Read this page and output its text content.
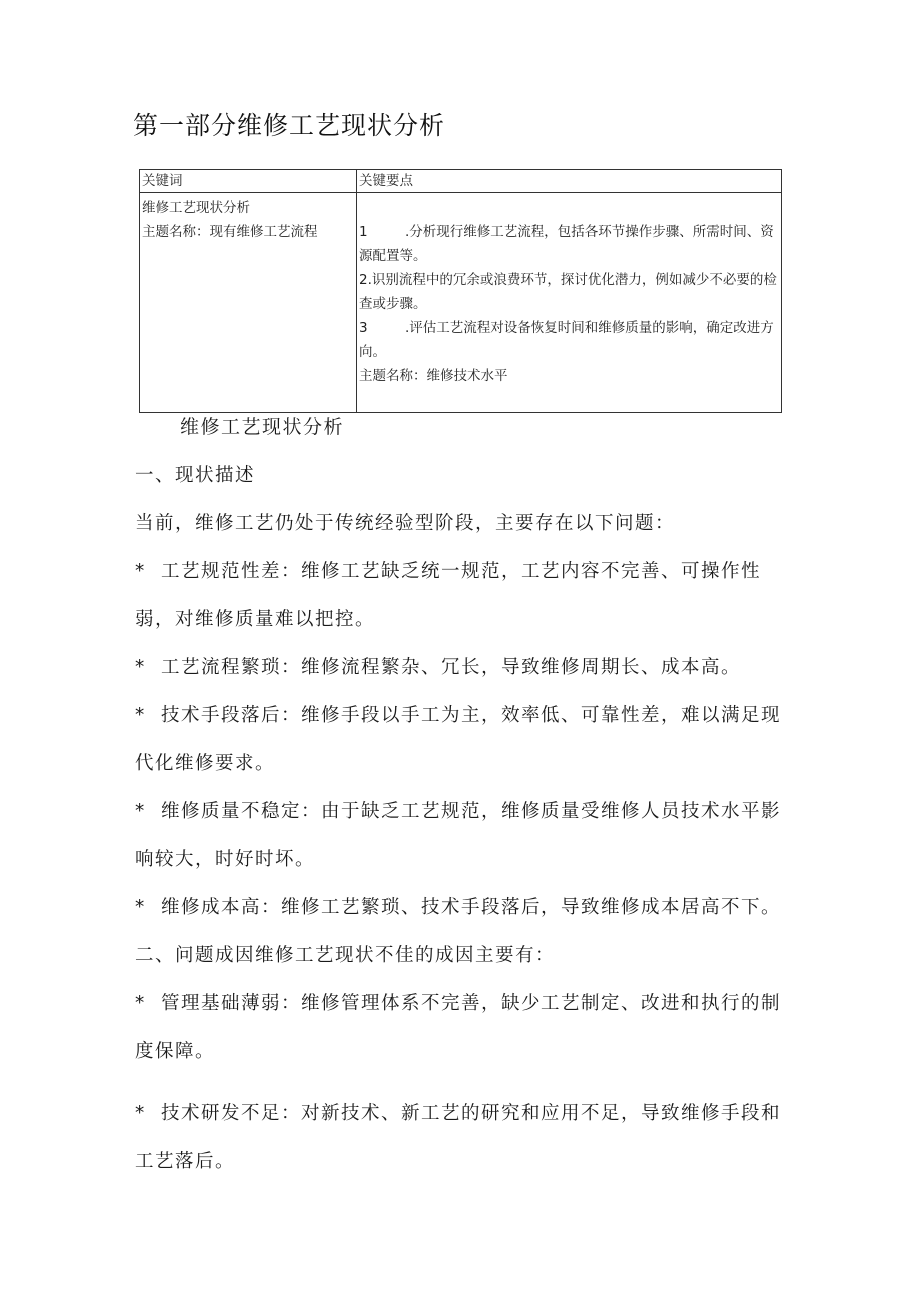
第一部分维修工艺现状分析
关键词	关键要点

维修工艺现状分析
主题名称：现有维修工艺流程	1 .分析现行维修工艺流程，包括各环节操作步骤、所需时间、资源配置等。
2.识别流程中的冗余或浪费环节，探讨优化潜力，例如减少不必要的检查或步骤。
3 .评估工艺流程对设备恢复时间和维修质量的影响，确定改进方向。
主题名称：维修技术水平
维修工艺现状分析

一、现状描述

当前，维修工艺仍处于传统经验型阶段，主要存在以下问题：

* 工艺规范性差：维修工艺缺乏统一规范，工艺内容不完善、可操作性弱，对维修质量难以把控。

* 工艺流程繁琐：维修流程繁杂、冗长，导致维修周期长、成本高。

* 技术手段落后：维修手段以手工为主，效率低、可靠性差，难以满足现代化维修要求。

* 维修质量不稳定：由于缺乏工艺规范，维修质量受维修人员技术水平影响较大，时好时坏。

* 维修成本高：维修工艺繁琐、技术手段落后，导致维修成本居高不下。

二、问题成因维修工艺现状不佳的成因主要有：

* 管理基础薄弱：维修管理体系不完善，缺少工艺制定、改进和执行的制度保障。

* 技术研发不足：对新技术、新工艺的研究和应用不足，导致维修手段和工艺落后。
